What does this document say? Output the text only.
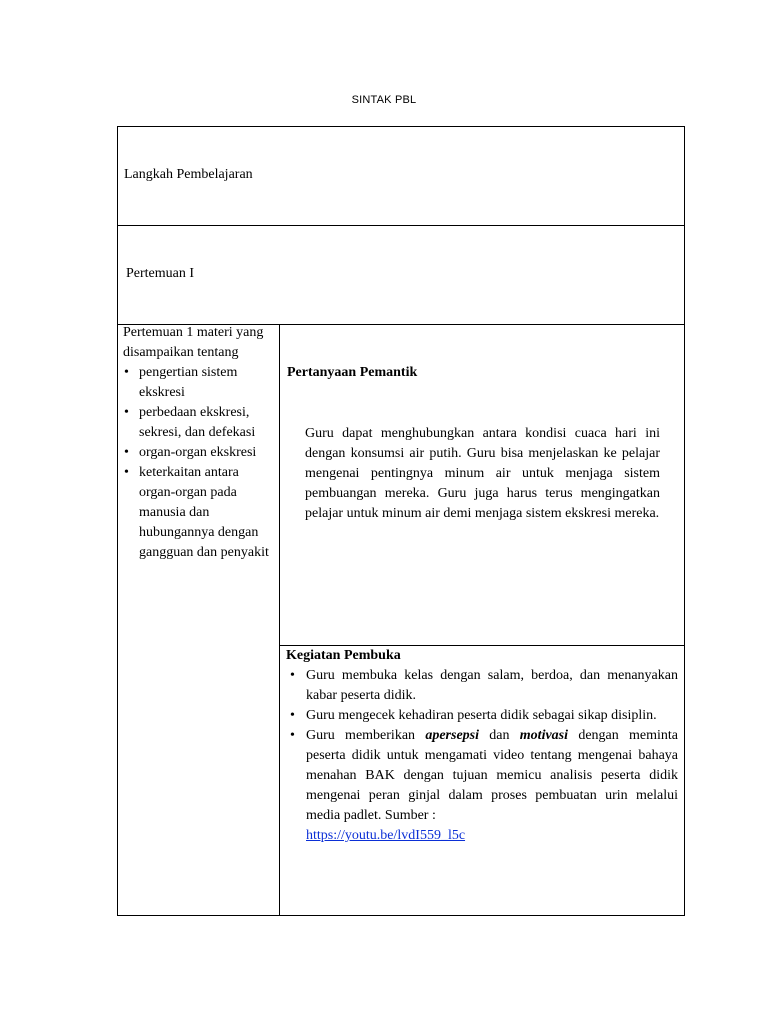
SINTAK PBL
Langkah Pembelajaran
Pertemuan I
Pertemuan 1 materi yang disampaikan tentang
• pengertian sistem ekskresi
• perbedaan ekskresi, sekresi, dan defekasi
• organ-organ ekskresi
• keterkaitan antara organ-organ pada manusia dan hubungannya dengan gangguan dan penyakit
Pertanyaan Pemantik
Guru dapat menghubungkan antara kondisi cuaca hari ini dengan konsumsi air putih. Guru bisa menjelaskan ke pelajar mengenai pentingnya minum air untuk menjaga sistem pembuangan mereka. Guru juga harus terus mengingatkan pelajar untuk minum air demi menjaga sistem ekskresi mereka.
Kegiatan Pembuka
• Guru membuka kelas dengan salam, berdoa, dan menanyakan kabar peserta didik.
• Guru mengecek kehadiran peserta didik sebagai sikap disiplin.
• Guru memberikan apersepsi dan motivasi dengan meminta peserta didik untuk mengamati video tentang mengenai bahaya menahan BAK dengan tujuan memicu analisis peserta didik mengenai peran ginjal dalam proses pembuatan urin melalui media padlet. Sumber :
https://youtu.be/lvdI559_l5c
